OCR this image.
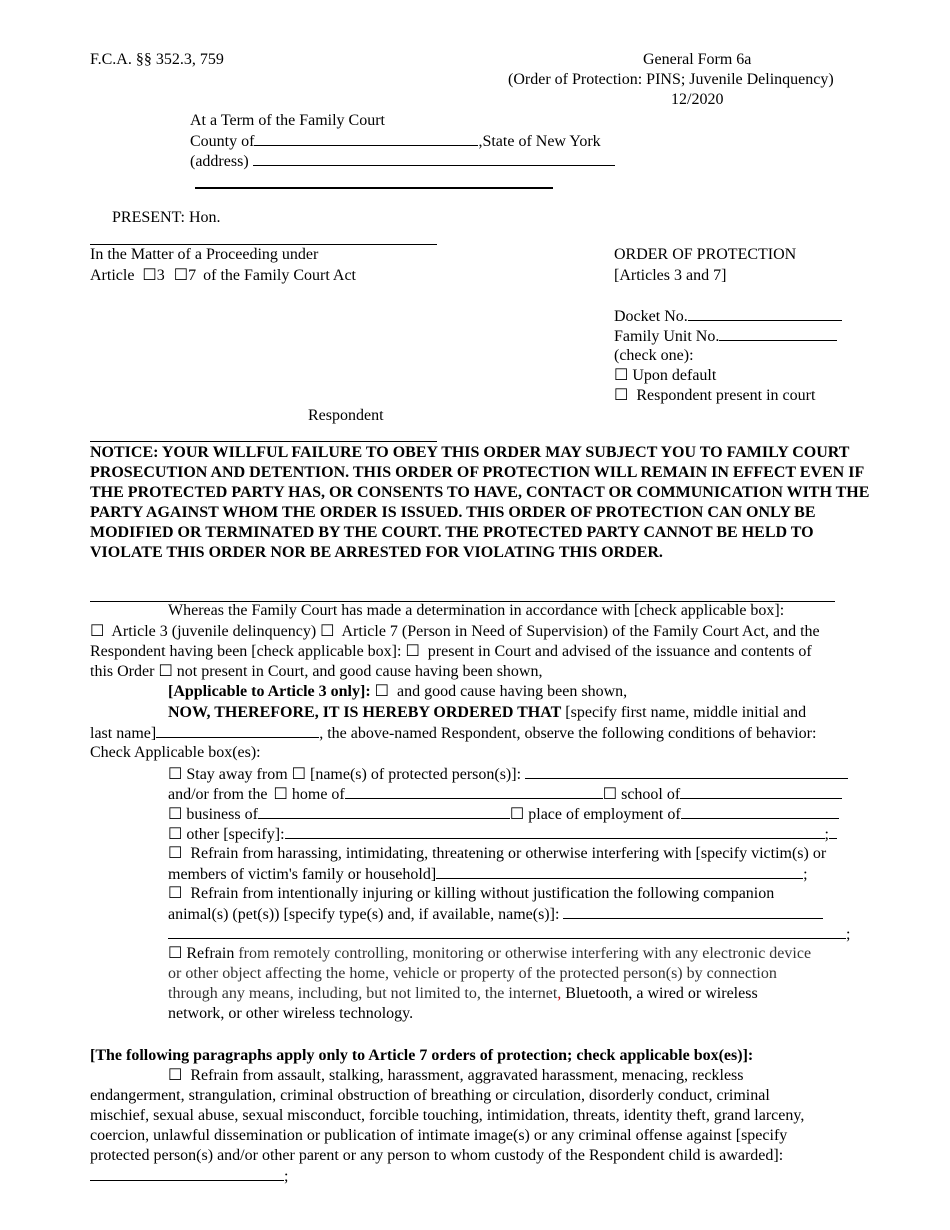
F.C.A. §§ 352.3, 759	General Form 6a
(Order of Protection: PINS; Juvenile Delinquency)
12/2020
At a Term of the Family Court
County of	,State of New York
(address)
PRESENT: Hon.
In the Matter of a Proceeding under
Article ☐3 ☐7 of the Family Court Act
Respondent
ORDER OF PROTECTION
[Articles 3 and 7]
Docket No.
Family Unit No.
(check one):
☐ Upon default
☐ Respondent present in court
NOTICE: YOUR WILLFUL FAILURE TO OBEY THIS ORDER MAY SUBJECT YOU TO FAMILY COURT PROSECUTION AND DETENTION. THIS ORDER OF PROTECTION WILL REMAIN IN EFFECT EVEN IF THE PROTECTED PARTY HAS, OR CONSENTS TO HAVE, CONTACT OR COMMUNICATION WITH THE PARTY AGAINST WHOM THE ORDER IS ISSUED. THIS ORDER OF PROTECTION CAN ONLY BE MODIFIED OR TERMINATED BY THE COURT. THE PROTECTED PARTY CANNOT BE HELD TO VIOLATE THIS ORDER NOR BE ARRESTED FOR VIOLATING THIS ORDER.
Whereas the Family Court has made a determination in accordance with [check applicable box]:
☐ Article 3 (juvenile delinquency) ☐ Article 7 (Person in Need of Supervision) of the Family Court Act, and the
Respondent having been [check applicable box]: ☐ present in Court and advised of the issuance and contents of
this Order ☐ not present in Court, and good cause having been shown,
[Applicable to Article 3 only]: ☐ and good cause having been shown,
NOW, THEREFORE, IT IS HEREBY ORDERED THAT [specify first name, middle initial and
last name]	, the above-named Respondent, observe the following conditions of behavior:
Check Applicable box(es):
☐ Stay away from ☐ [name(s) of protected person(s)]:
and/or from the ☐ home of	☐ school of
☐ business of	☐ place of employment of
☐ other [specify]:	;
☐ Refrain from harassing, intimidating, threatening or otherwise interfering with [specify victim(s) or
members of victim's family or household]	;
☐ Refrain from intentionally injuring or killing without justification the following companion
animal(s) (pet(s)) [specify type(s) and, if available, name(s)]:
;
☐ Refrain from remotely controlling, monitoring or otherwise interfering with any electronic device
or other object affecting the home, vehicle or property of the protected person(s) by connection
through any means, including, but not limited to, the internet, Bluetooth, a wired or wireless
network, or other wireless technology.
[The following paragraphs apply only to Article 7 orders of protection; check applicable box(es)]:
☐ Refrain from assault, stalking, harassment, aggravated harassment, menacing, reckless
endangerment, strangulation, criminal obstruction of breathing or circulation, disorderly conduct, criminal
mischief, sexual abuse, sexual misconduct, forcible touching, intimidation, threats, identity theft, grand larceny,
coercion, unlawful dissemination or publication of intimate image(s) or any criminal offense against [specify
protected person(s) and/or other parent or any person to whom custody of the Respondent child is awarded]:
;
